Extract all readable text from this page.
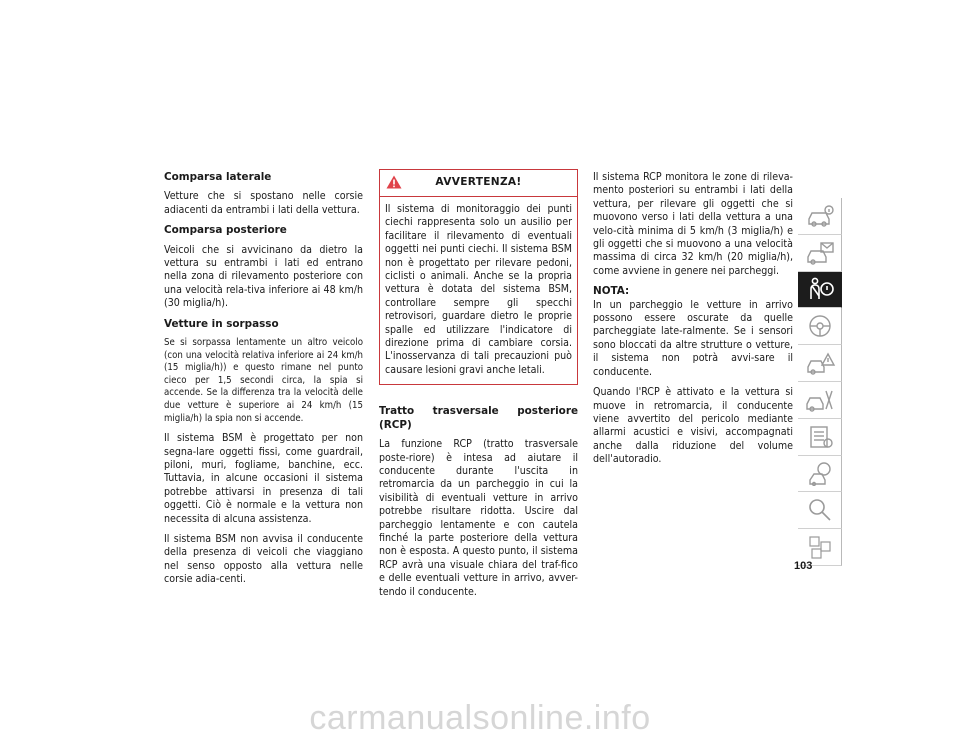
Comparsa laterale
Vetture che si spostano nelle corsie adiacenti da entrambi i lati della vettura.
Comparsa posteriore
Veicoli che si avvicinano da dietro la vettura su entrambi i lati ed entrano nella zona di rilevamento posteriore con una velocità rela-tiva inferiore ai 48 km/h (30 miglia/h).
Vetture in sorpasso
Se si sorpassa lentamente un altro veicolo (con una velocità relativa inferiore ai 24 km/h (15 miglia/h)) e questo rimane nel punto cieco per 1,5 secondi circa, la spia si accende. Se la differenza tra la velocità delle due vetture è superiore ai 24 km/h (15 miglia/h) la spia non si accende.
Il sistema BSM è progettato per non segna-lare oggetti fissi, come guardrail, piloni, muri, fogliame, banchine, ecc. Tuttavia, in alcune occasioni il sistema potrebbe attivarsi in presenza di tali oggetti. Ciò è normale e la vettura non necessita di alcuna assistenza.
Il sistema BSM non avvisa il conducente della presenza di veicoli che viaggiano nel senso opposto alla vettura nelle corsie adia-centi.
AVVERTENZA!
Il sistema di monitoraggio dei punti ciechi rappresenta solo un ausilio per facilitare il rilevamento di eventuali oggetti nei punti ciechi. Il sistema BSM non è progettato per rilevare pedoni, ciclisti o animali. Anche se la propria vettura è dotata del sistema BSM, controllare sempre gli specchi retrovisori, guardare dietro le proprie spalle ed utilizzare l'indicatore di direzione prima di cambiare corsia. L'inosservanza di tali precauzioni può causare lesioni gravi anche letali.
Tratto trasversale posteriore (RCP)
La funzione RCP (tratto trasversale poste-riore) è intesa ad aiutare il conducente durante l'uscita in retromarcia da un parcheggio in cui la visibilità di eventuali vetture in arrivo potrebbe risultare ridotta. Uscire dal parcheggio lentamente e con cautela finché la parte posteriore della vettura non è esposta. A questo punto, il sistema RCP avrà una visuale chiara del traf-fico e delle eventuali vetture in arrivo, avver-tendo il conducente.
Il sistema RCP monitora le zone di rileva-mento posteriori su entrambi i lati della vettura, per rilevare gli oggetti che si muovono verso i lati della vettura a una velo-cità minima di 5 km/h (3 miglia/h) e gli oggetti che si muovono a una velocità massima di circa 32 km/h (20 miglia/h), come avviene in genere nei parcheggi.
NOTA:
In un parcheggio le vetture in arrivo possono essere oscurate da quelle parcheggiate late-ralmente. Se i sensori sono bloccati da altre strutture o vetture, il sistema non potrà avvi-sare il conducente.
Quando l'RCP è attivato e la vettura si muove in retromarcia, il conducente viene avvertito del pericolo mediante allarmi acustici e visivi, accompagnati anche dalla riduzione del volume dell'autoradio.
103
carmanualsonline.info
